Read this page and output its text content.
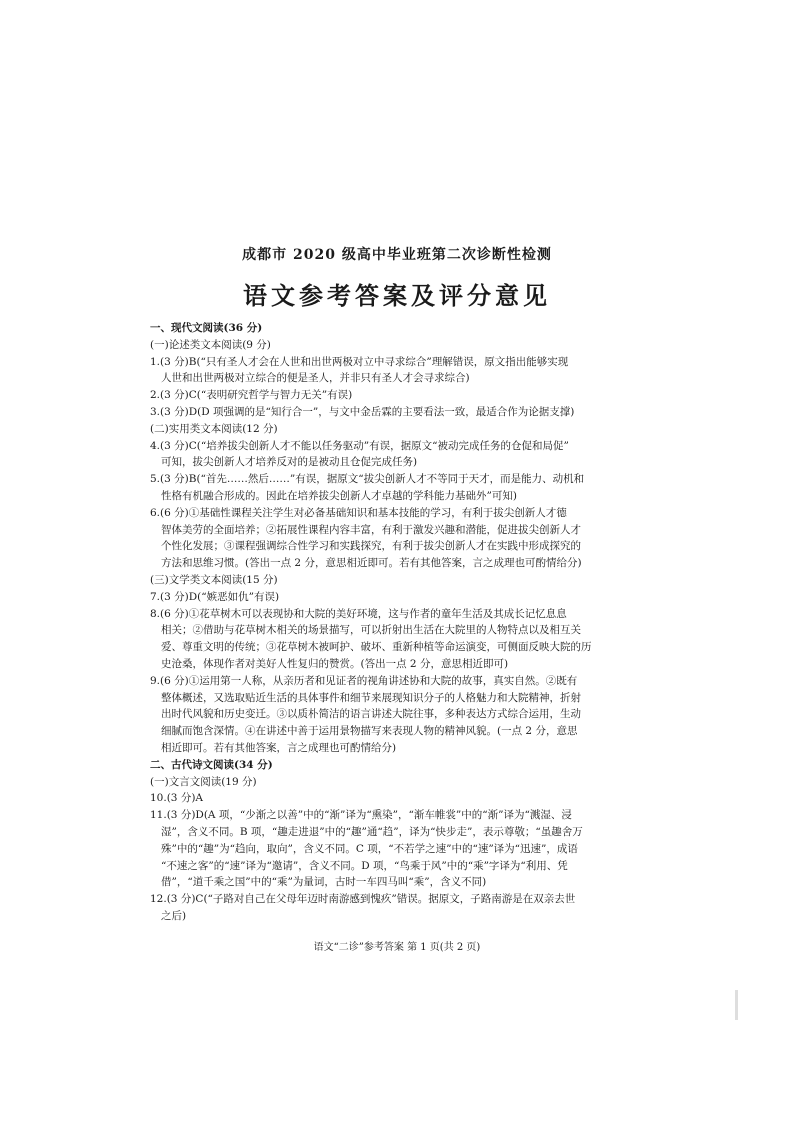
成都市 2020 级高中毕业班第二次诊断性检测
语文参考答案及评分意见
一、现代文阅读(36 分)
(一)论述类文本阅读(9 分)
1.(3 分)B(“只有圣人才会在人世和出世两极对立中寻求综合”理解错误，原文指出能够实现
人世和出世两极对立综合的便是圣人，并非只有圣人才会寻求综合)
2.(3 分)C(“表明研究哲学与智力无关”有误)
3.(3 分)D(D 项强调的是“知行合一”，与文中金岳霖的主要看法一致，最适合作为论据支撑)
(二)实用类文本阅读(12 分)
4.(3 分)C(“培养拔尖创新人才不能以任务驱动”有误，据原文“被动完成任务的仓促和局促”
可知，拔尖创新人才培养反对的是被动且仓促完成任务)
5.(3 分)B(“首先……然后……”有误，据原文“拔尖创新人才不等同于天才，而是能力、动机和
性格有机融合形成的。因此在培养拔尖创新人才卓越的学科能力基础外”可知)
6.(6 分)①基础性课程关注学生对必备基础知识和基本技能的学习，有利于拔尖创新人才德
智体美劳的全面培养；②拓展性课程内容丰富，有利于激发兴趣和潜能，促进拔尖创新人才
个性化发展；③课程强调综合性学习和实践探究，有利于拔尖创新人才在实践中形成探究的
方法和思维习惯。(答出一点 2 分，意思相近即可。若有其他答案，言之成理也可酌情给分)
(三)文学类文本阅读(15 分)
7.(3 分)D(“嫉恶如仇”有误)
8.(6 分)①花草树木可以表现协和大院的美好环境，这与作者的童年生活及其成长记忆息息
相关；②借助与花草树木相关的场景描写，可以折射出生活在大院里的人物特点以及相互关
爱、尊重文明的传统；③花草树木被呵护、破坏、重新种植等命运演变，可侧面反映大院的历
史沧桑，体现作者对美好人性复归的赞赏。(答出一点 2 分，意思相近即可)
9.(6 分)①运用第一人称，从亲历者和见证者的视角讲述协和大院的故事，真实自然。②既有
整体概述，又选取贴近生活的具体事件和细节来展现知识分子的人格魅力和大院精神，折射
出时代风貌和历史变迁。③以质朴简洁的语言讲述大院往事，多种表达方式综合运用，生动
细腻而饱含深情。④在讲述中善于运用景物描写来表现人物的精神风貌。(一点 2 分，意思
相近即可。若有其他答案，言之成理也可酌情给分)
二、古代诗文阅读(34 分)
(一)文言文阅读(19 分)
10.(3 分)A
11.(3 分)D(A 项，“少渐之以善”中的“渐”译为“熏染”，“渐车帷裳”中的“渐”译为“溅湿、浸
湿”，含义不同。B 项，“趣走进退”中的“趣”通“趋”，译为“快步走”，表示尊敬；“虽趣舍万
殊”中的“趣”为“趋向，取向”，含义不同。C 项，“不若学之速”中的“速”译为“迅速”，成语
“不速之客”的“速”译为“邀请”，含义不同。D 项，“鸟乘于风”中的“乘”字译为“利用、凭
借”，“道千乘之国”中的“乘”为量词，古时一车四马叫“乘”，含义不同)
12.(3 分)C(“子路对自己在父母年迈时南游感到愧疚”错误。据原文，子路南游是在双亲去世
之后)
语文“二诊”参考答案 第 1 页(共 2 页)
